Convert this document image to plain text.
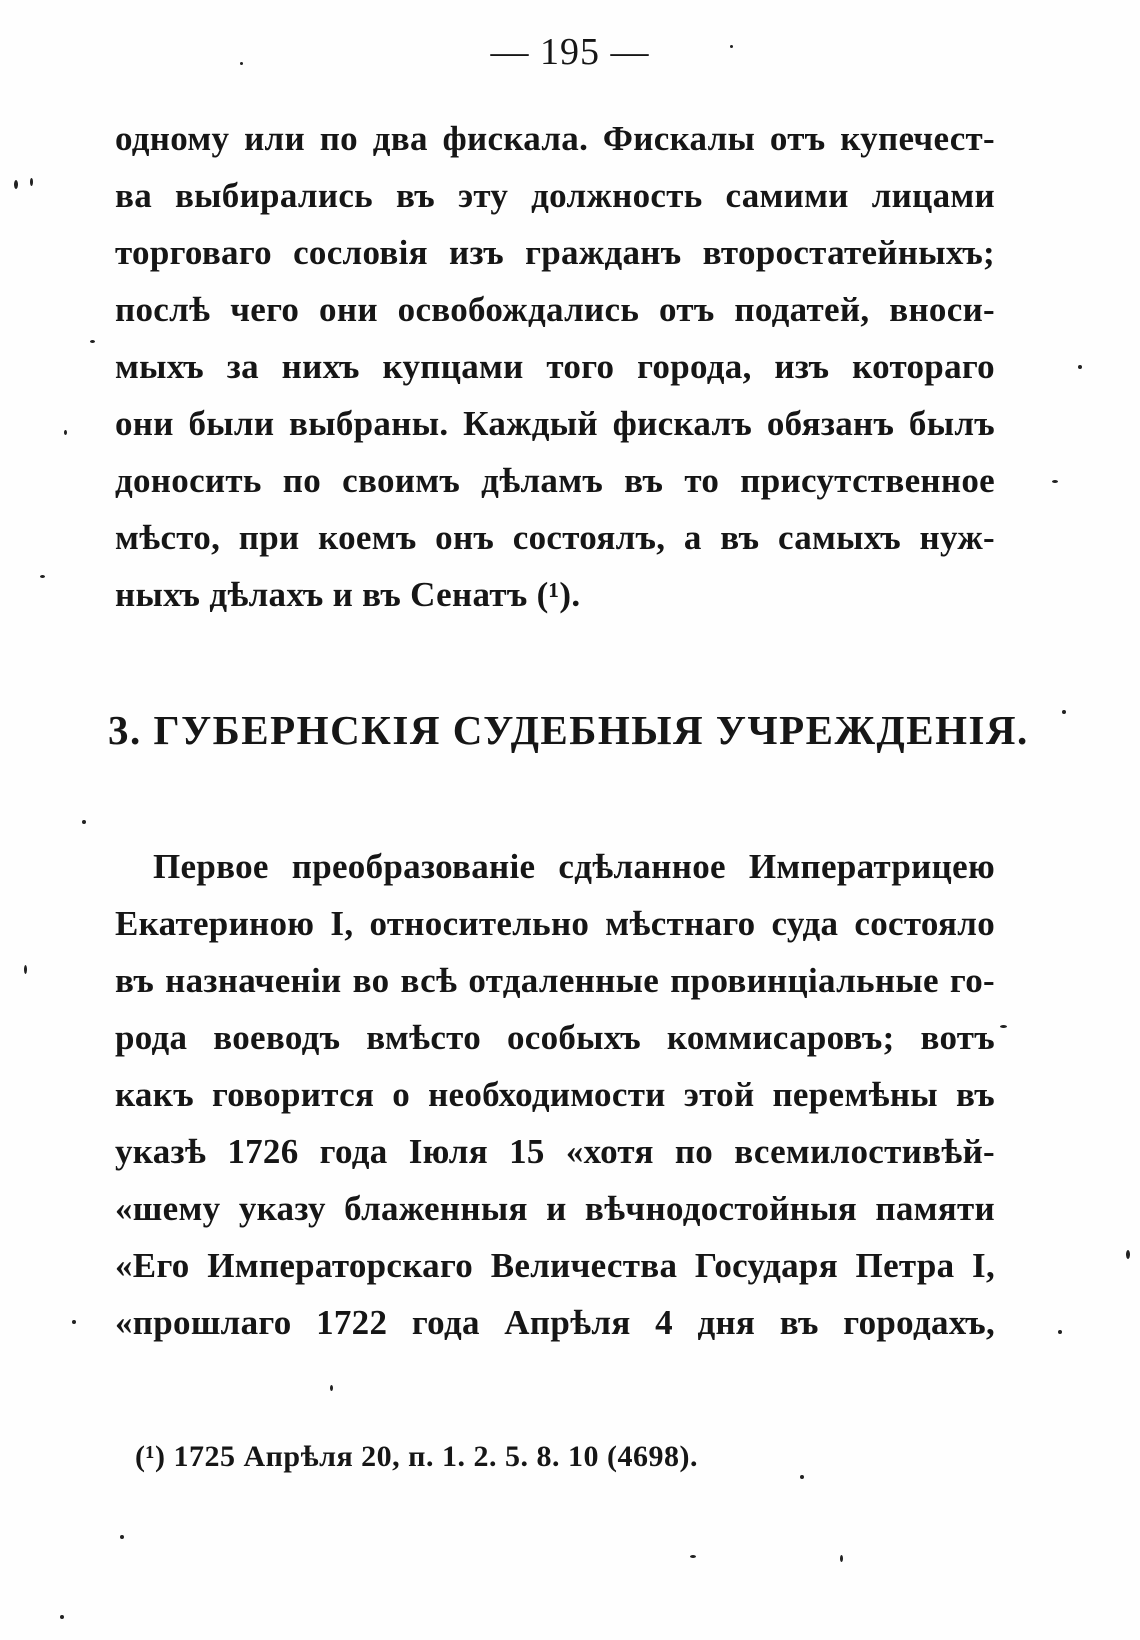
— 195 —
одному или по два фискала. Фискалы отъ купечест-
ва выбирались въ эту должность самими лицами
торговаго сословія изъ граждaнъ второстатейныхъ;
послѣ чего они освобождались отъ податей, вноси-
мыхъ за нихъ купцами того города, изъ котораго
они были выбраны. Каждый фискалъ обязанъ былъ
доносить по своимъ дѣламъ въ то присутственное
мѣсто, при коемъ онъ состоялъ, а въ самыхъ нуж-
ныхъ дѣлахъ и въ Сенатъ (¹).
3. ГУБЕРНСКІЯ СУДЕБНЫЯ УЧРЕЖДЕНІЯ.
Первое преобразованіе сдѣланное Императрицею
Екатериною I, относительно мѣстнаго суда состояло
въ назначеніи во всѣ отдаленные провинціальные го-
рода воеводъ вмѣсто особыхъ коммисаровъ; вотъ
какъ говорится о необходимости этой перемѣны въ
указѣ 1726 года Іюля 15 «хотя по всемилостивѣй-
«шему указу блаженныя и вѣчнодостойныя памяти
«Его Императорскаго Величества Государя Петра I,
«прошлаго 1722 года Апрѣля 4 дня въ городахъ,
(¹) 1725 Апрѣля 20, п. 1. 2. 5. 8. 10 (4698).
